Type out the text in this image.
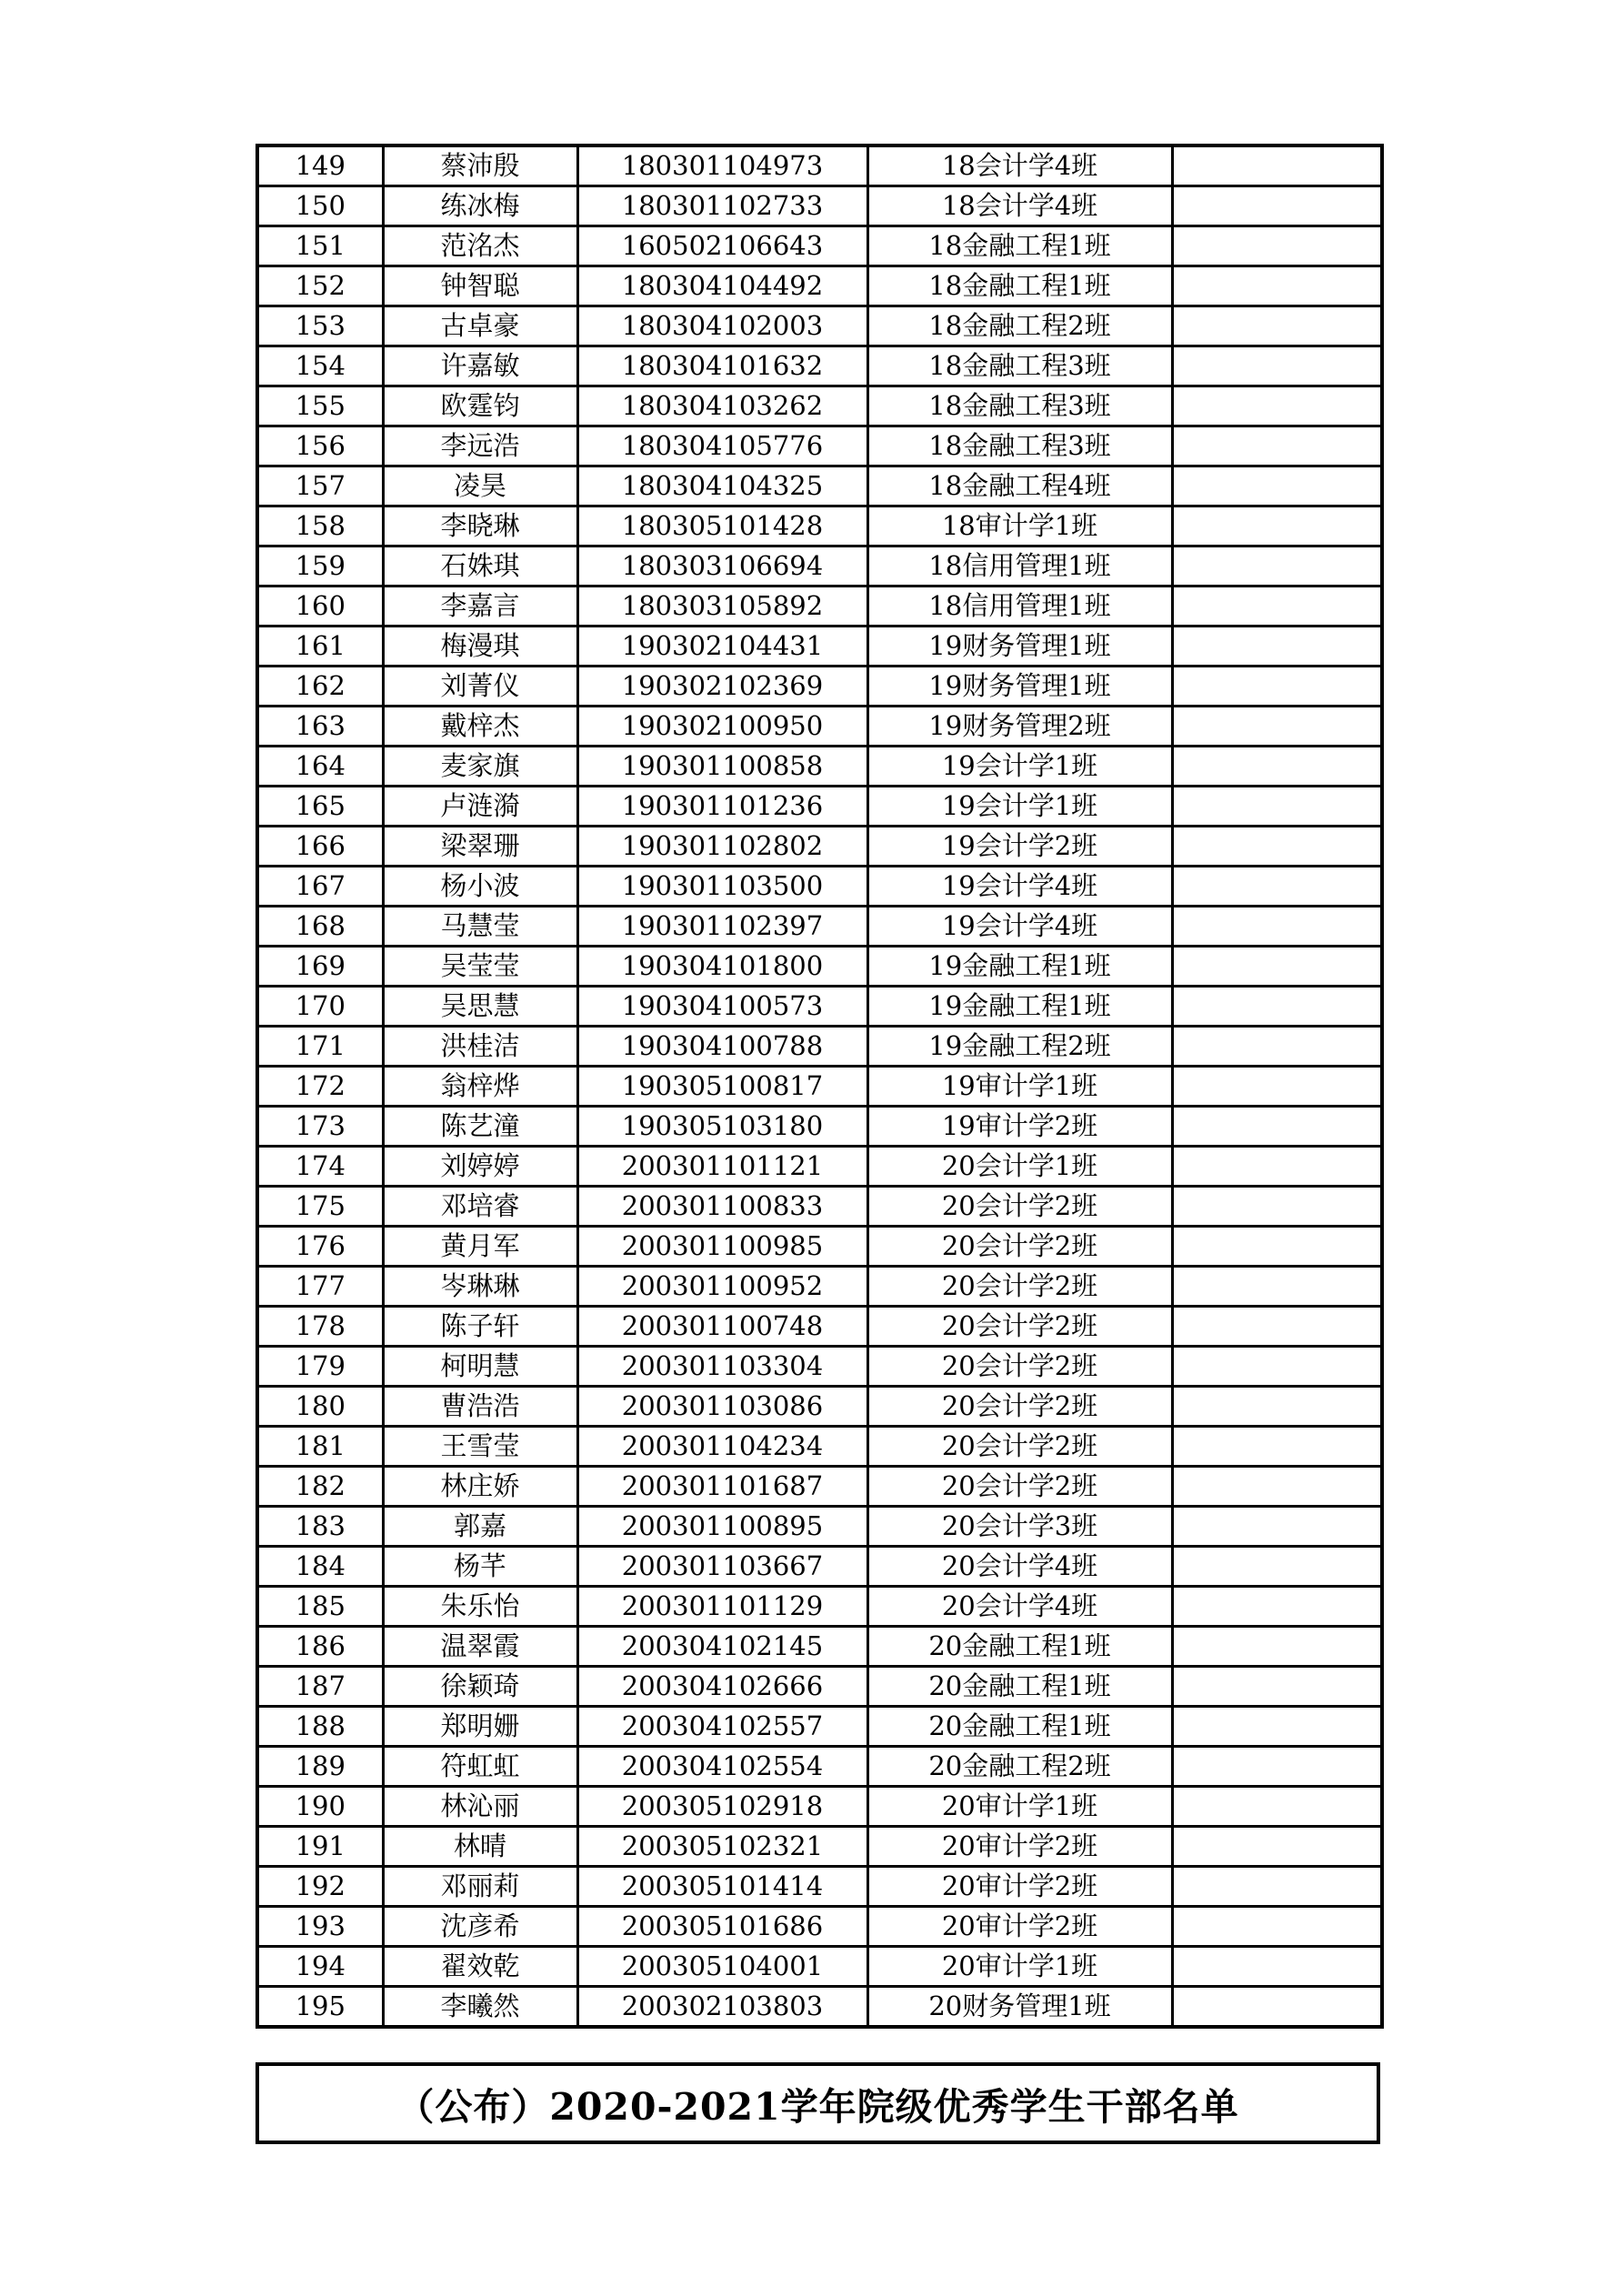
149	蔡沛殷	180301104973	18会计学4班	
150	练冰梅	180301102733	18会计学4班	
151	范洺杰	160502106643	18金融工程1班	
152	钟智聪	180304104492	18金融工程1班	
153	古卓豪	180304102003	18金融工程2班	
154	许嘉敏	180304101632	18金融工程3班	
155	欧霆钧	180304103262	18金融工程3班	
156	李远浩	180304105776	18金融工程3班	
157	凌昊	180304104325	18金融工程4班	
158	李晓琳	180305101428	18审计学1班	
159	石姝琪	180303106694	18信用管理1班	
160	李嘉言	180303105892	18信用管理1班	
161	梅漫琪	190302104431	19财务管理1班	
162	刘菁仪	190302102369	19财务管理1班	
163	戴梓杰	190302100950	19财务管理2班	
164	麦家旗	190301100858	19会计学1班	
165	卢涟漪	190301101236	19会计学1班	
166	梁翠珊	190301102802	19会计学2班	
167	杨小波	190301103500	19会计学4班	
168	马慧莹	190301102397	19会计学4班	
169	吴莹莹	190304101800	19金融工程1班	
170	吴思慧	190304100573	19金融工程1班	
171	洪桂洁	190304100788	19金融工程2班	
172	翁梓烨	190305100817	19审计学1班	
173	陈艺潼	190305103180	19审计学2班	
174	刘婷婷	200301101121	20会计学1班	
175	邓培睿	200301100833	20会计学2班	
176	黄月军	200301100985	20会计学2班	
177	岑琳琳	200301100952	20会计学2班	
178	陈子轩	200301100748	20会计学2班	
179	柯明慧	200301103304	20会计学2班	
180	曹浩浩	200301103086	20会计学2班	
181	王雪莹	200301104234	20会计学2班	
182	林庄娇	200301101687	20会计学2班	
183	郭嘉	200301100895	20会计学3班	
184	杨芊	200301103667	20会计学4班	
185	朱乐怡	200301101129	20会计学4班	
186	温翠霞	200304102145	20金融工程1班	
187	徐颖琦	200304102666	20金融工程1班	
188	郑明姗	200304102557	20金融工程1班	
189	符虹虹	200304102554	20金融工程2班	
190	林沁丽	200305102918	20审计学1班	
191	林晴	200305102321	20审计学2班	
192	邓丽莉	200305101414	20审计学2班	
193	沈彦希	200305101686	20审计学2班	
194	翟效乾	200305104001	20审计学1班	
195	李曦然	200302103803	20财务管理1班	
（公布）2020-2021学年院级优秀学生干部名单
